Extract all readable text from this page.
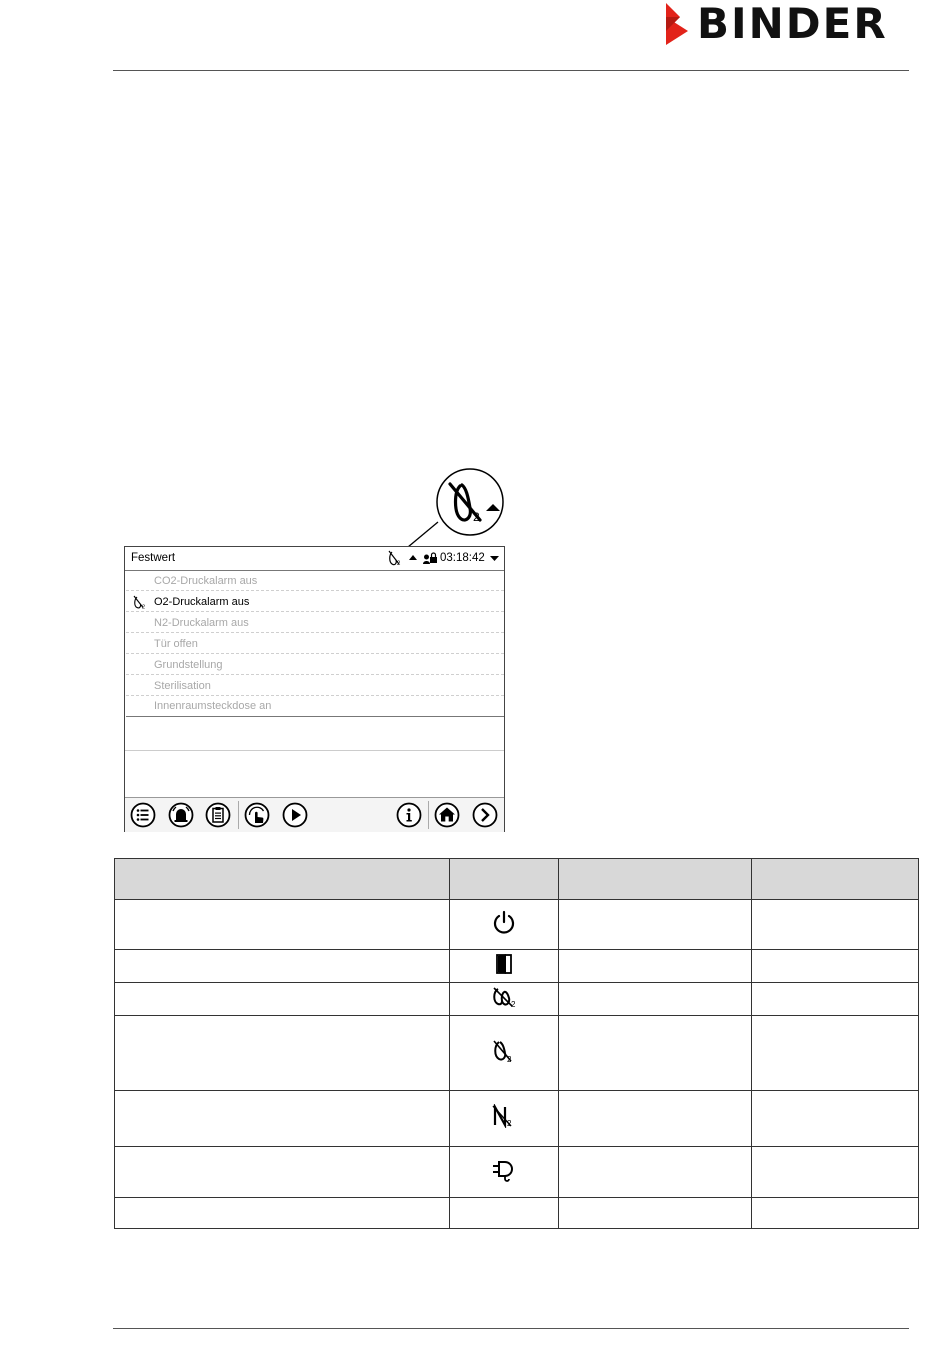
BINDER
2
Festwert	2	03:18:42
CO2-Druckalarm aus
2 O2-Druckalarm aus
N2-Druckalarm aus
Tür offen
Grundstellung
Sterilisation
Innenraumsteckdose an

2		

2		

2		
